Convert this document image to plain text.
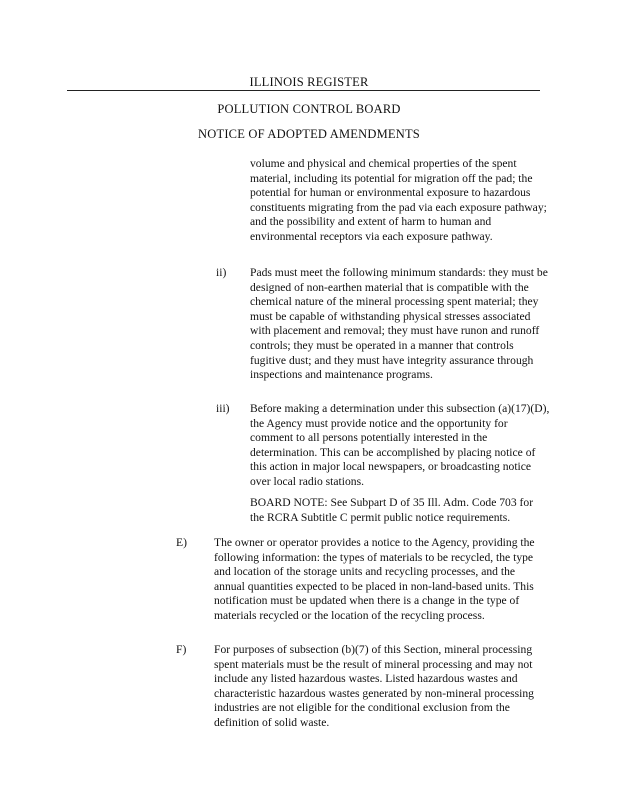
ILLINOIS REGISTER
POLLUTION CONTROL BOARD
NOTICE OF ADOPTED AMENDMENTS

volume and physical and chemical properties of the spent material, including its potential for migration off the pad; the potential for human or environmental exposure to hazardous constituents migrating from the pad via each exposure pathway; and the possibility and extent of harm to human and environmental receptors via each exposure pathway.

ii) Pads must meet the following minimum standards: they must be designed of non-earthen material that is compatible with the chemical nature of the mineral processing spent material; they must be capable of withstanding physical stresses associated with placement and removal; they must have runon and runoff controls; they must be operated in a manner that controls fugitive dust; and they must have integrity assurance through inspections and maintenance programs.

iii) Before making a determination under this subsection (a)(17)(D), the Agency must provide notice and the opportunity for comment to all persons potentially interested in the determination. This can be accomplished by placing notice of this action in major local newspapers, or broadcasting notice over local radio stations.

BOARD NOTE: See Subpart D of 35 Ill. Adm. Code 703 for the RCRA Subtitle C permit public notice requirements.

E) The owner or operator provides a notice to the Agency, providing the following information: the types of materials to be recycled, the type and location of the storage units and recycling processes, and the annual quantities expected to be placed in non-land-based units. This notification must be updated when there is a change in the type of materials recycled or the location of the recycling process.

F) For purposes of subsection (b)(7) of this Section, mineral processing spent materials must be the result of mineral processing and may not include any listed hazardous wastes. Listed hazardous wastes and characteristic hazardous wastes generated by non-mineral processing industries are not eligible for the conditional exclusion from the definition of solid waste.
